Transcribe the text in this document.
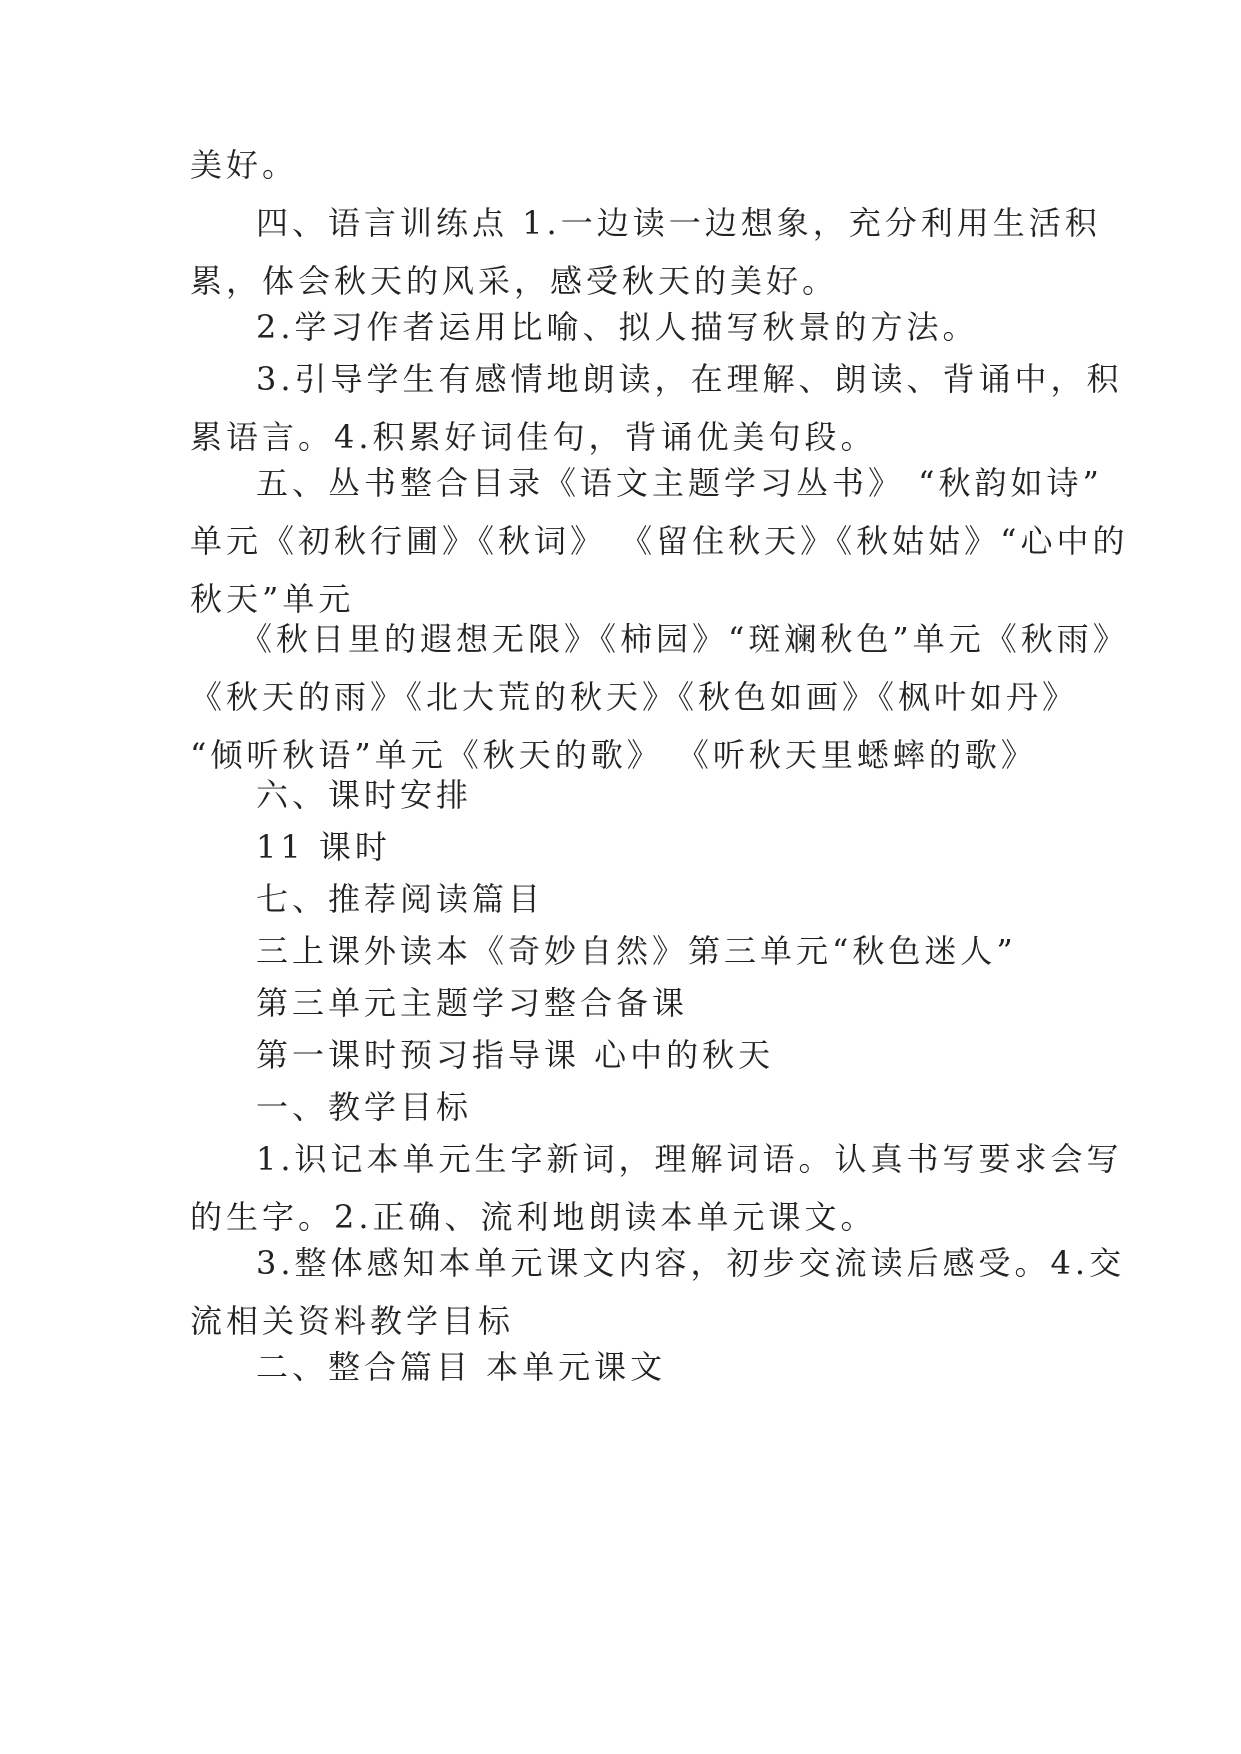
美好。
四、语言训练点 1.一边读一边想象，充分利用生活积
累，体会秋天的风采，感受秋天的美好。
2.学习作者运用比喻、拟人描写秋景的方法。
3.引导学生有感情地朗读，在理解、朗读、背诵中，积
累语言。4.积累好词佳句，背诵优美句段。
五、丛书整合目录《语文主题学习丛书》 “秋韵如诗”
单元《初秋行圃》《秋词》 《留住秋天》《秋姑姑》“心中的
秋天”单元
《秋日里的遐想无限》《柿园》“斑斓秋色”单元《秋雨》
《秋天的雨》《北大荒的秋天》《秋色如画》《枫叶如丹》
“倾听秋语”单元《秋天的歌》 《听秋天里蟋蟀的歌》
六、课时安排
11 课时
七、推荐阅读篇目
三上课外读本《奇妙自然》第三单元“秋色迷人”
第三单元主题学习整合备课
第一课时预习指导课 心中的秋天
一、教学目标
1.识记本单元生字新词，理解词语。认真书写要求会写
的生字。2.正确、流利地朗读本单元课文。
3.整体感知本单元课文内容，初步交流读后感受。4.交
流相关资料教学目标
二、整合篇目 本单元课文
